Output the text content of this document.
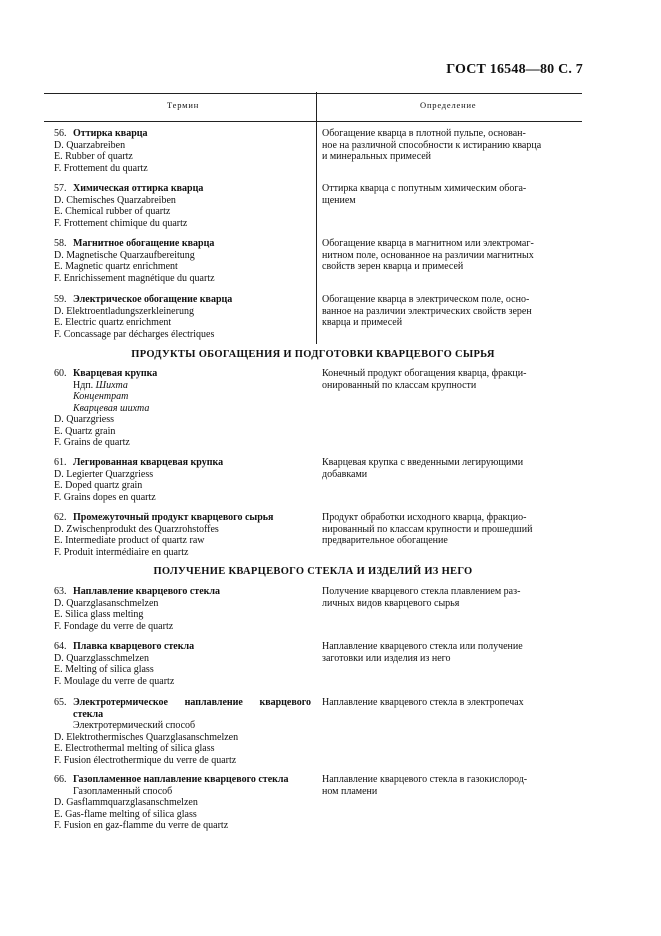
ГОСТ 16548—80 С. 7
Термин	Определение
56. Оттирка кварца
D. Quarzabreiben
E. Rubber of quartz
F. Frottement du quartz
Обогащение кварца в плотной пульпе, основан-
ное на различной способности к истиранию кварца
и минеральных примесей
57. Химическая оттирка кварца
D. Chemisches Quarzabreiben
E. Chemical rubber of quartz
F. Frottement chimique du quartz
Оттирка кварца с попутным химическим обога-
щением
58. Магнитное обогащение кварца
D. Magnetische Quarzaufbereitung
E. Magnetic quartz enrichment
F. Enrichissement magnétique du quartz
Обогащение кварца в магнитном или электромаг-
нитном поле, основанное на различии магнитных
свойств зерен кварца и примесей
59. Электрическое обогащение кварца
D. Elektroentladungszerkleinerung
E. Electric quartz enrichment
F. Concassage par décharges électriques
Обогащение кварца в электрическом поле, осно-
ванное на различии электрических свойств зерен
кварца и примесей
ПРОДУКТЫ ОБОГАЩЕНИЯ И ПОДГОТОВКИ КВАРЦЕВОГО СЫРЬЯ
60. Кварцевая крупка
Ндп. Шихта
Концентрат
Кварцевая шихта
D. Quarzgriess
E. Quartz grain
F. Grains de quartz
Конечный продукт обогащения кварца, фракци-
онированный по классам крупности
61. Легированная кварцевая крупка
D. Legierter Quarzgriess
E. Doped quartz grain
F. Grains dopes en quartz
Кварцевая крупка с введенными легирующими
добавками
62. Промежуточный продукт кварцевого сырья
D. Zwischenprodukt des Quarzrohstoffes
E. Intermediate product of quartz raw
F. Produit intermédiaire en quartz
Продукт обработки исходного кварца, фракцио-
нированный по классам крупности и прошедший
предварительное обогащение
ПОЛУЧЕНИЕ КВАРЦЕВОГО СТЕКЛА И ИЗДЕЛИЙ ИЗ НЕГО
63. Наплавление кварцевого стекла
D. Quarzglasanschmelzen
E. Silica glass melting
F. Fondage du verre de quartz
Получение кварцевого стекла плавлением раз-
личных видов кварцевого сырья
64. Плавка кварцевого стекла
D. Quarzglasschmelzen
E. Melting of silica glass
F. Moulage du verre de quartz
Наплавление кварцевого стекла или получение
заготовки или изделия из него
65. Электротермическое наплавление кварцевого
стекла
Электротермический способ
D. Elektrothermisches Quarzglasanschmelzen
E. Electrothermal melting of silica glass
F. Fusion électrothermique du verre de quartz
Наплавление кварцевого стекла в электропечах
66. Газопламенное наплавление кварцевого стекла
Газопламенный способ
D. Gasflammquarzglasanschmelzen
E. Gas-flame melting of silica glass
F. Fusion en gaz-flamme du verre de quartz
Наплавление кварцевого стекла в газокислород-
ном пламени
